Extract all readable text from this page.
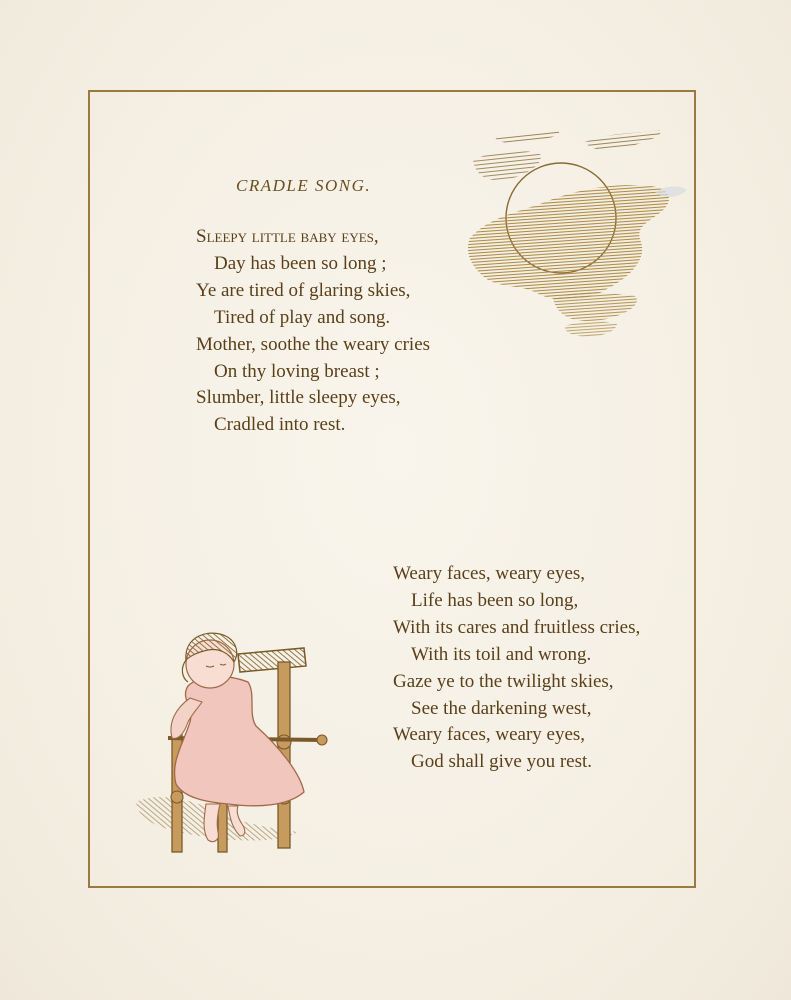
CRADLE SONG.
Sleepy little baby eyes,
Day has been so long ;
Ye are tired of glaring skies,
Tired of play and song.
Mother, soothe the weary cries
On thy loving breast ;
Slumber, little sleepy eyes,
Cradled into rest.
Weary faces, weary eyes,
Life has been so long,
With its cares and fruitless cries,
With its toil and wrong.
Gaze ye to the twilight skies,
See the darkening west,
Weary faces, weary eyes,
God shall give you rest.
